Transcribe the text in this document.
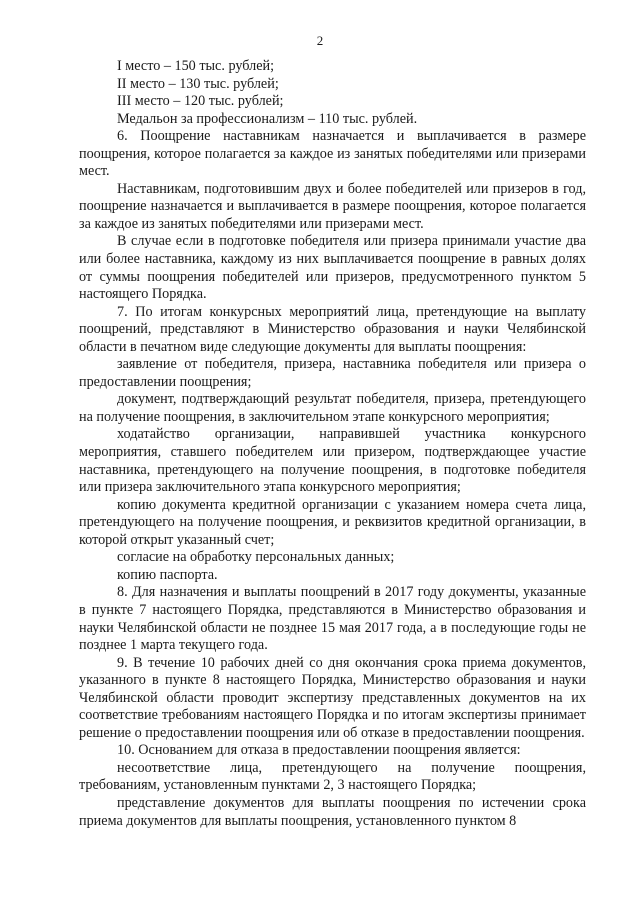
2

I место – 150 тыс. рублей;

II место – 130 тыс. рублей;

III место – 120 тыс. рублей;

Медальон за профессионализм – 110 тыс. рублей.

6. Поощрение наставникам назначается и выплачивается в размере поощрения, которое полагается за каждое из занятых победителями или призерами мест.

Наставникам, подготовившим двух и более победителей или призеров в год, поощрение назначается и выплачивается в размере поощрения, которое полагается за каждое из занятых победителями или призерами мест.

В случае если в подготовке победителя или призера принимали участие два или более наставника, каждому из них выплачивается поощрение в равных долях от суммы поощрения победителей или призеров, предусмотренного пунктом 5 настоящего Порядка.

7. По итогам конкурсных мероприятий лица, претендующие на выплату поощрений, представляют в Министерство образования и науки Челябинской области в печатном виде следующие документы для выплаты поощрения:

заявление от победителя, призера, наставника победителя или призера о предоставлении поощрения;

документ, подтверждающий результат победителя, призера, претендующего на получение поощрения, в заключительном этапе конкурсного мероприятия;

ходатайство организации, направившей участника конкурсного мероприятия, ставшего победителем или призером, подтверждающее участие наставника, претендующего на получение поощрения, в подготовке победителя или призера заключительного этапа конкурсного мероприятия;

копию документа кредитной организации с указанием номера счета лица, претендующего на получение поощрения, и реквизитов кредитной организации, в которой открыт указанный счет;

согласие на обработку персональных данных;

копию паспорта.

8. Для назначения и выплаты поощрений в 2017 году документы, указанные в пункте 7 настоящего Порядка, представляются в Министерство образования и науки Челябинской области не позднее 15 мая 2017 года, а в последующие годы не позднее 1 марта текущего года.

9. В течение 10 рабочих дней со дня окончания срока приема документов, указанного в пункте 8 настоящего Порядка, Министерство образования и науки Челябинской области проводит экспертизу представленных документов на их соответствие требованиям настоящего Порядка и по итогам экспертизы принимает решение о предоставлении поощрения или об отказе в предоставлении поощрения.

10. Основанием для отказа в предоставлении поощрения является:

несоответствие лица, претендующего на получение поощрения, требованиям, установленным пунктами 2, 3 настоящего Порядка;

представление документов для выплаты поощрения по истечении срока приема документов для выплаты поощрения, установленного пунктом 8
